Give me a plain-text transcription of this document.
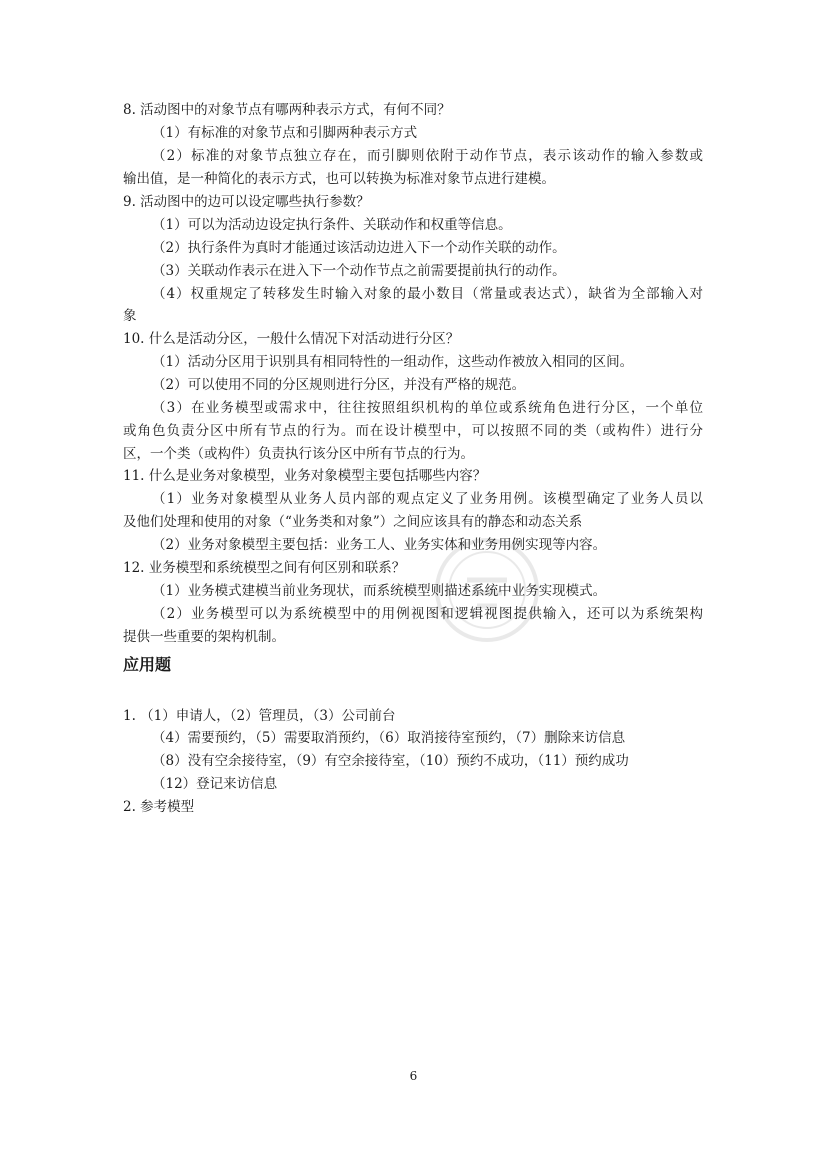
8. 活动图中的对象节点有哪两种表示方式，有何不同？
（1）有标准的对象节点和引脚两种表示方式
（2）标准的对象节点独立存在，而引脚则依附于动作节点，表示该动作的输入参数或
输出值，是一种简化的表示方式，也可以转换为标准对象节点进行建模。
9. 活动图中的边可以设定哪些执行参数？
（1）可以为活动边设定执行条件、关联动作和权重等信息。
（2）执行条件为真时才能通过该活动边进入下一个动作关联的动作。
（3）关联动作表示在进入下一个动作节点之前需要提前执行的动作。
（4）权重规定了转移发生时输入对象的最小数目（常量或表达式），缺省为全部输入对
象
10. 什么是活动分区，一般什么情况下对活动进行分区？
（1）活动分区用于识别具有相同特性的一组动作，这些动作被放入相同的区间。
（2）可以使用不同的分区规则进行分区，并没有严格的规范。
（3）在业务模型或需求中，往往按照组织机构的单位或系统角色进行分区，一个单位
或角色负责分区中所有节点的行为。而在设计模型中，可以按照不同的类（或构件）进行分
区，一个类（或构件）负责执行该分区中所有节点的行为。
11. 什么是业务对象模型，业务对象模型主要包括哪些内容？
（1）业务对象模型从业务人员内部的观点定义了业务用例。该模型确定了业务人员以
及他们处理和使用的对象（“业务类和对象”）之间应该具有的静态和动态关系
（2）业务对象模型主要包括：业务工人、业务实体和业务用例实现等内容。
12. 业务模型和系统模型之间有何区别和联系？
（1）业务模式建模当前业务现状，而系统模型则描述系统中业务实现模式。
（2）业务模型可以为系统模型中的用例视图和逻辑视图提供输入，还可以为系统架构
提供一些重要的架构机制。
应用题
1. （1）申请人，（2）管理员，（3）公司前台
（4）需要预约，（5）需要取消预约，（6）取消接待室预约，（7）删除来访信息
（8）没有空余接待室，（9）有空余接待室，（10）预约不成功，（11）预约成功
（12）登记来访信息
2. 参考模型
6
